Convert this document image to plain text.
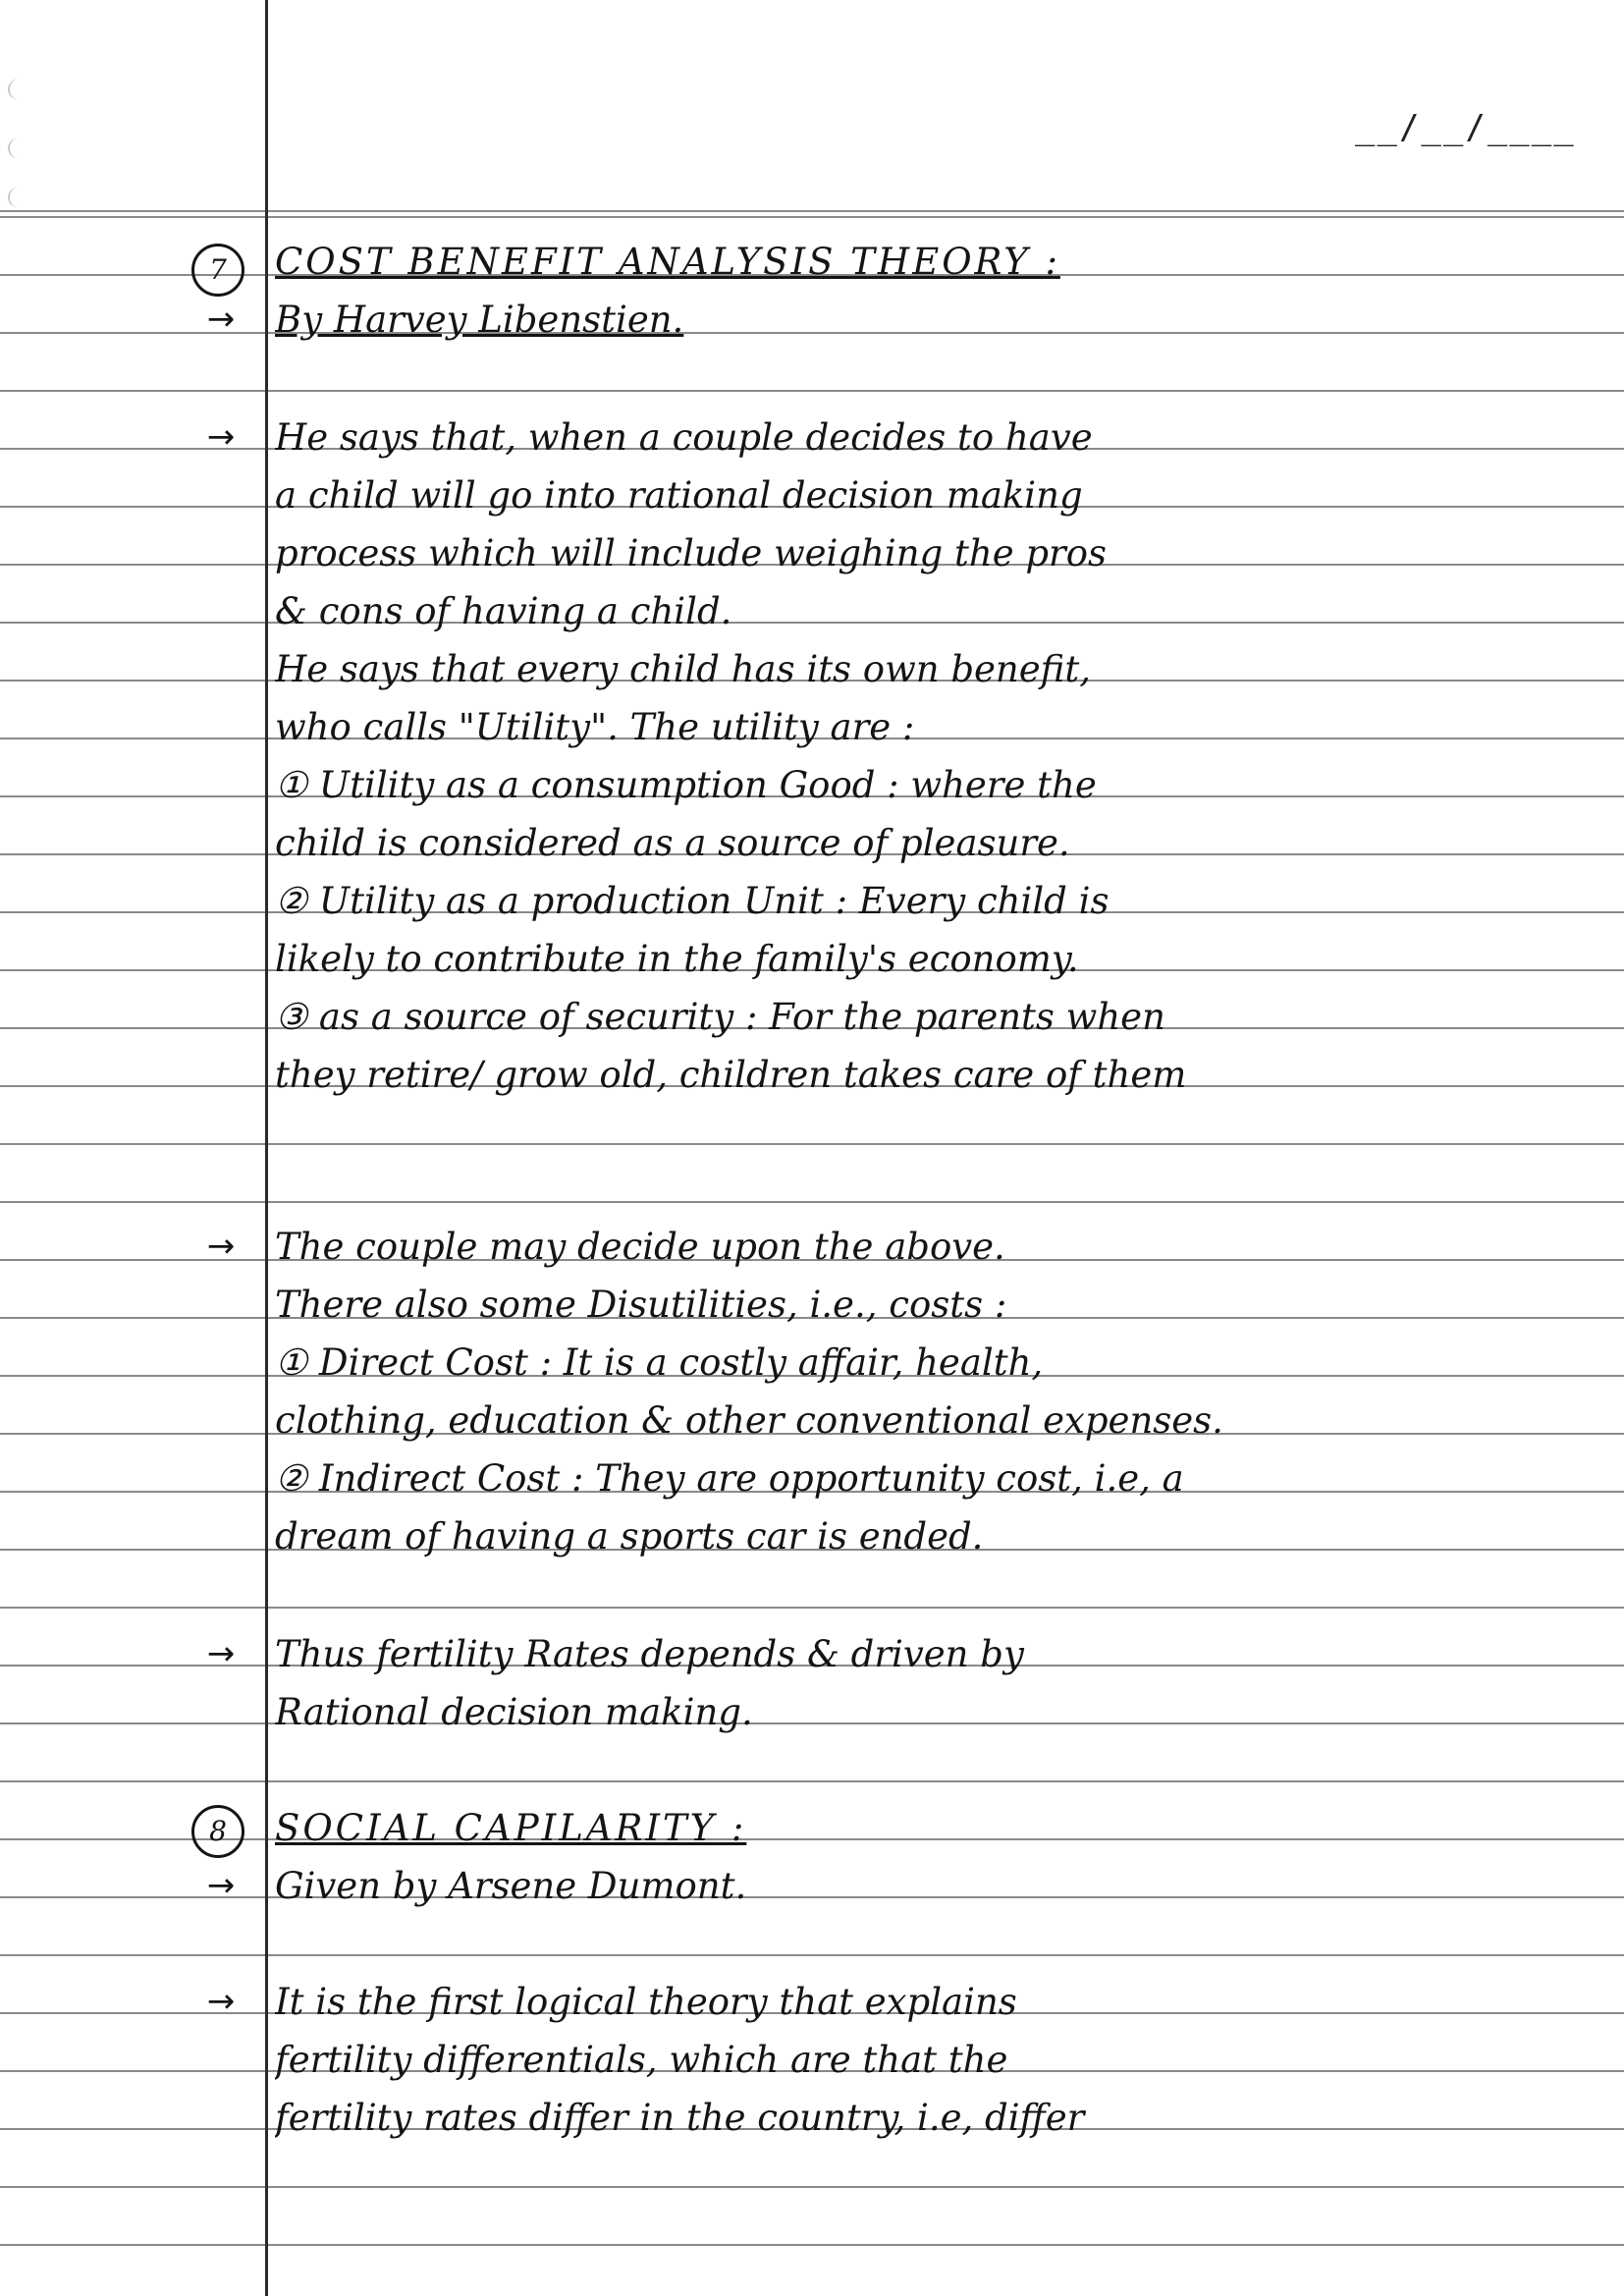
__/__/____
7	COST BENEFIT ANALYSIS THEORY :
→	By Harvey Libenstien.
→	He says that, when a couple decides to have
a child will go into rational decision making
process which will include weighing the pros
& cons of having a child.
He says that every child has its own benefit,
who calls "Utility". The utility are :
① Utility as a consumption Good : where the
child is considered as a source of pleasure.
② Utility as a production Unit : Every child is
likely to contribute in the family's economy.
③ as a source of security : For the parents when
they retire/ grow old, children takes care of them
→	The couple may decide upon the above.
There also some Disutilities, i.e., costs :
① Direct Cost : It is a costly affair, health,
clothing, education & other conventional expenses.
② Indirect Cost : They are opportunity cost, i.e, a
dream of having a sports car is ended.
→	Thus fertility Rates depends & driven by
Rational decision making.
8	SOCIAL CAPILARITY :
→	Given by Arsene Dumont.
→	It is the first logical theory that explains
fertility differentials, which are that the
fertility rates differ in the country, i.e, differ
